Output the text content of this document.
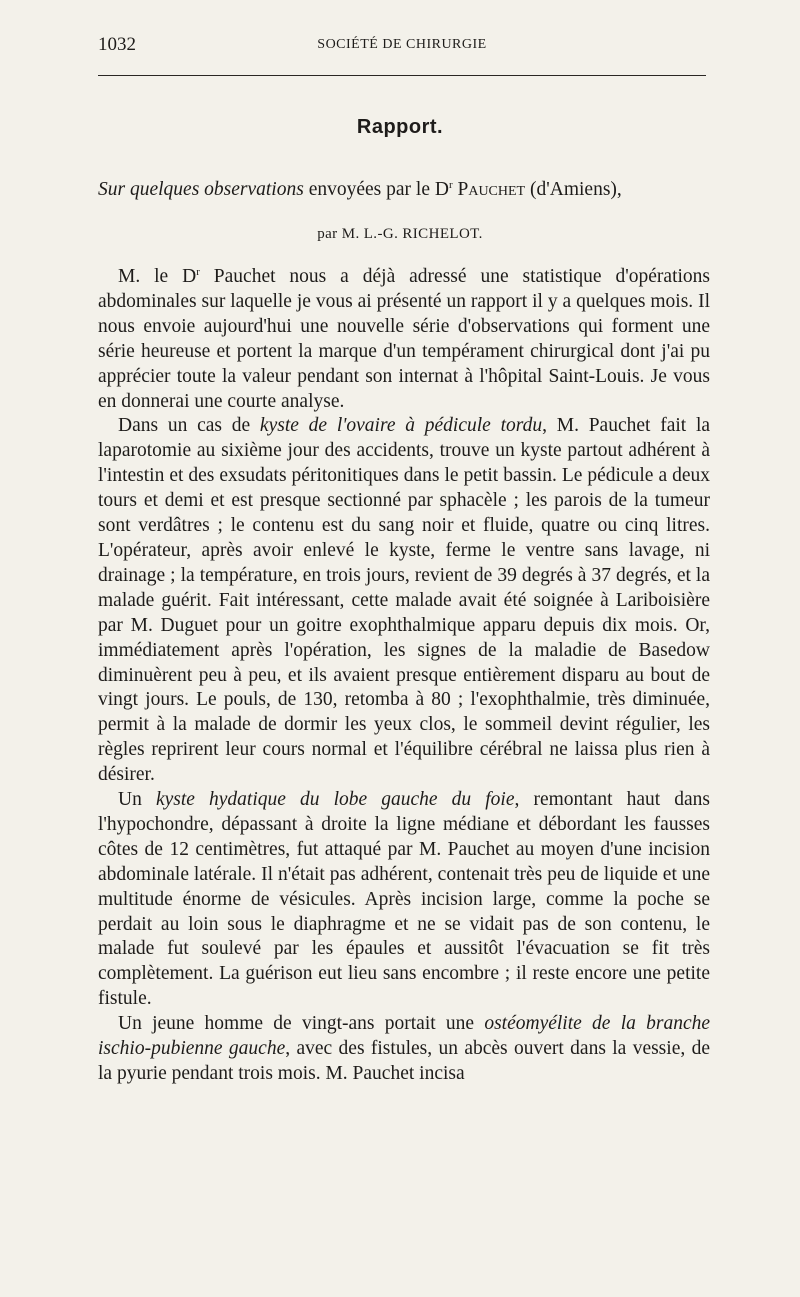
1032	SOCIÉTÉ DE CHIRURGIE
Rapport.
Sur quelques observations envoyées par le $D^r$ Pauchet (d'Amiens),
par M. L.-G. RICHELOT.

M. le $D^r$ Pauchet nous a déjà adressé une statistique d'opérations abdominales sur laquelle je vous ai présenté un rapport il y a quelques mois. Il nous envoie aujourd'hui une nouvelle série d'observations qui forment une série heureuse et portent la marque d'un tempérament chirurgical dont j'ai pu apprécier toute la valeur pendant son internat à l'hôpital Saint-Louis. Je vous en donnerai une courte analyse.

Dans un cas de kyste de l'ovaire à pédicule tordu, M. Pauchet fait la laparotomie au sixième jour des accidents, trouve un kyste partout adhérent à l'intestin et des exsudats péritonitiques dans le petit bassin. Le pédicule a deux tours et demi et est presque sectionné par sphacèle ; les parois de la tumeur sont verdâtres ; le contenu est du sang noir et fluide, quatre ou cinq litres. L'opérateur, après avoir enlevé le kyste, ferme le ventre sans lavage, ni drainage ; la température, en trois jours, revient de 39 degrés à 37 degrés, et la malade guérit. Fait intéressant, cette malade avait été soignée à Lariboisière par M. Duguet pour un goitre exophthalmique apparu depuis dix mois. Or, immédiatement après l'opération, les signes de la maladie de Basedow diminuèrent peu à peu, et ils avaient presque entièrement disparu au bout de vingt jours. Le pouls, de 130, retomba à 80 ; l'exophthalmie, très diminuée, permit à la malade de dormir les yeux clos, le sommeil devint régulier, les règles reprirent leur cours normal et l'équilibre cérébral ne laissa plus rien à désirer.

Un kyste hydatique du lobe gauche du foie, remontant haut dans l'hypochondre, dépassant à droite la ligne médiane et débordant les fausses côtes de 12 centimètres, fut attaqué par M. Pauchet au moyen d'une incision abdominale latérale. Il n'était pas adhérent, contenait très peu de liquide et une multitude énorme de vésicules. Après incision large, comme la poche se perdait au loin sous le diaphragme et ne se vidait pas de son contenu, le malade fut soulevé par les épaules et aussitôt l'évacuation se fit très complètement. La guérison eut lieu sans encombre ; il reste encore une petite fistule.

Un jeune homme de vingt-ans portait une ostéomyélite de la branche ischio-pubienne gauche, avec des fistules, un abcès ouvert dans la vessie, de la pyurie pendant trois mois. M. Pauchet incisa
